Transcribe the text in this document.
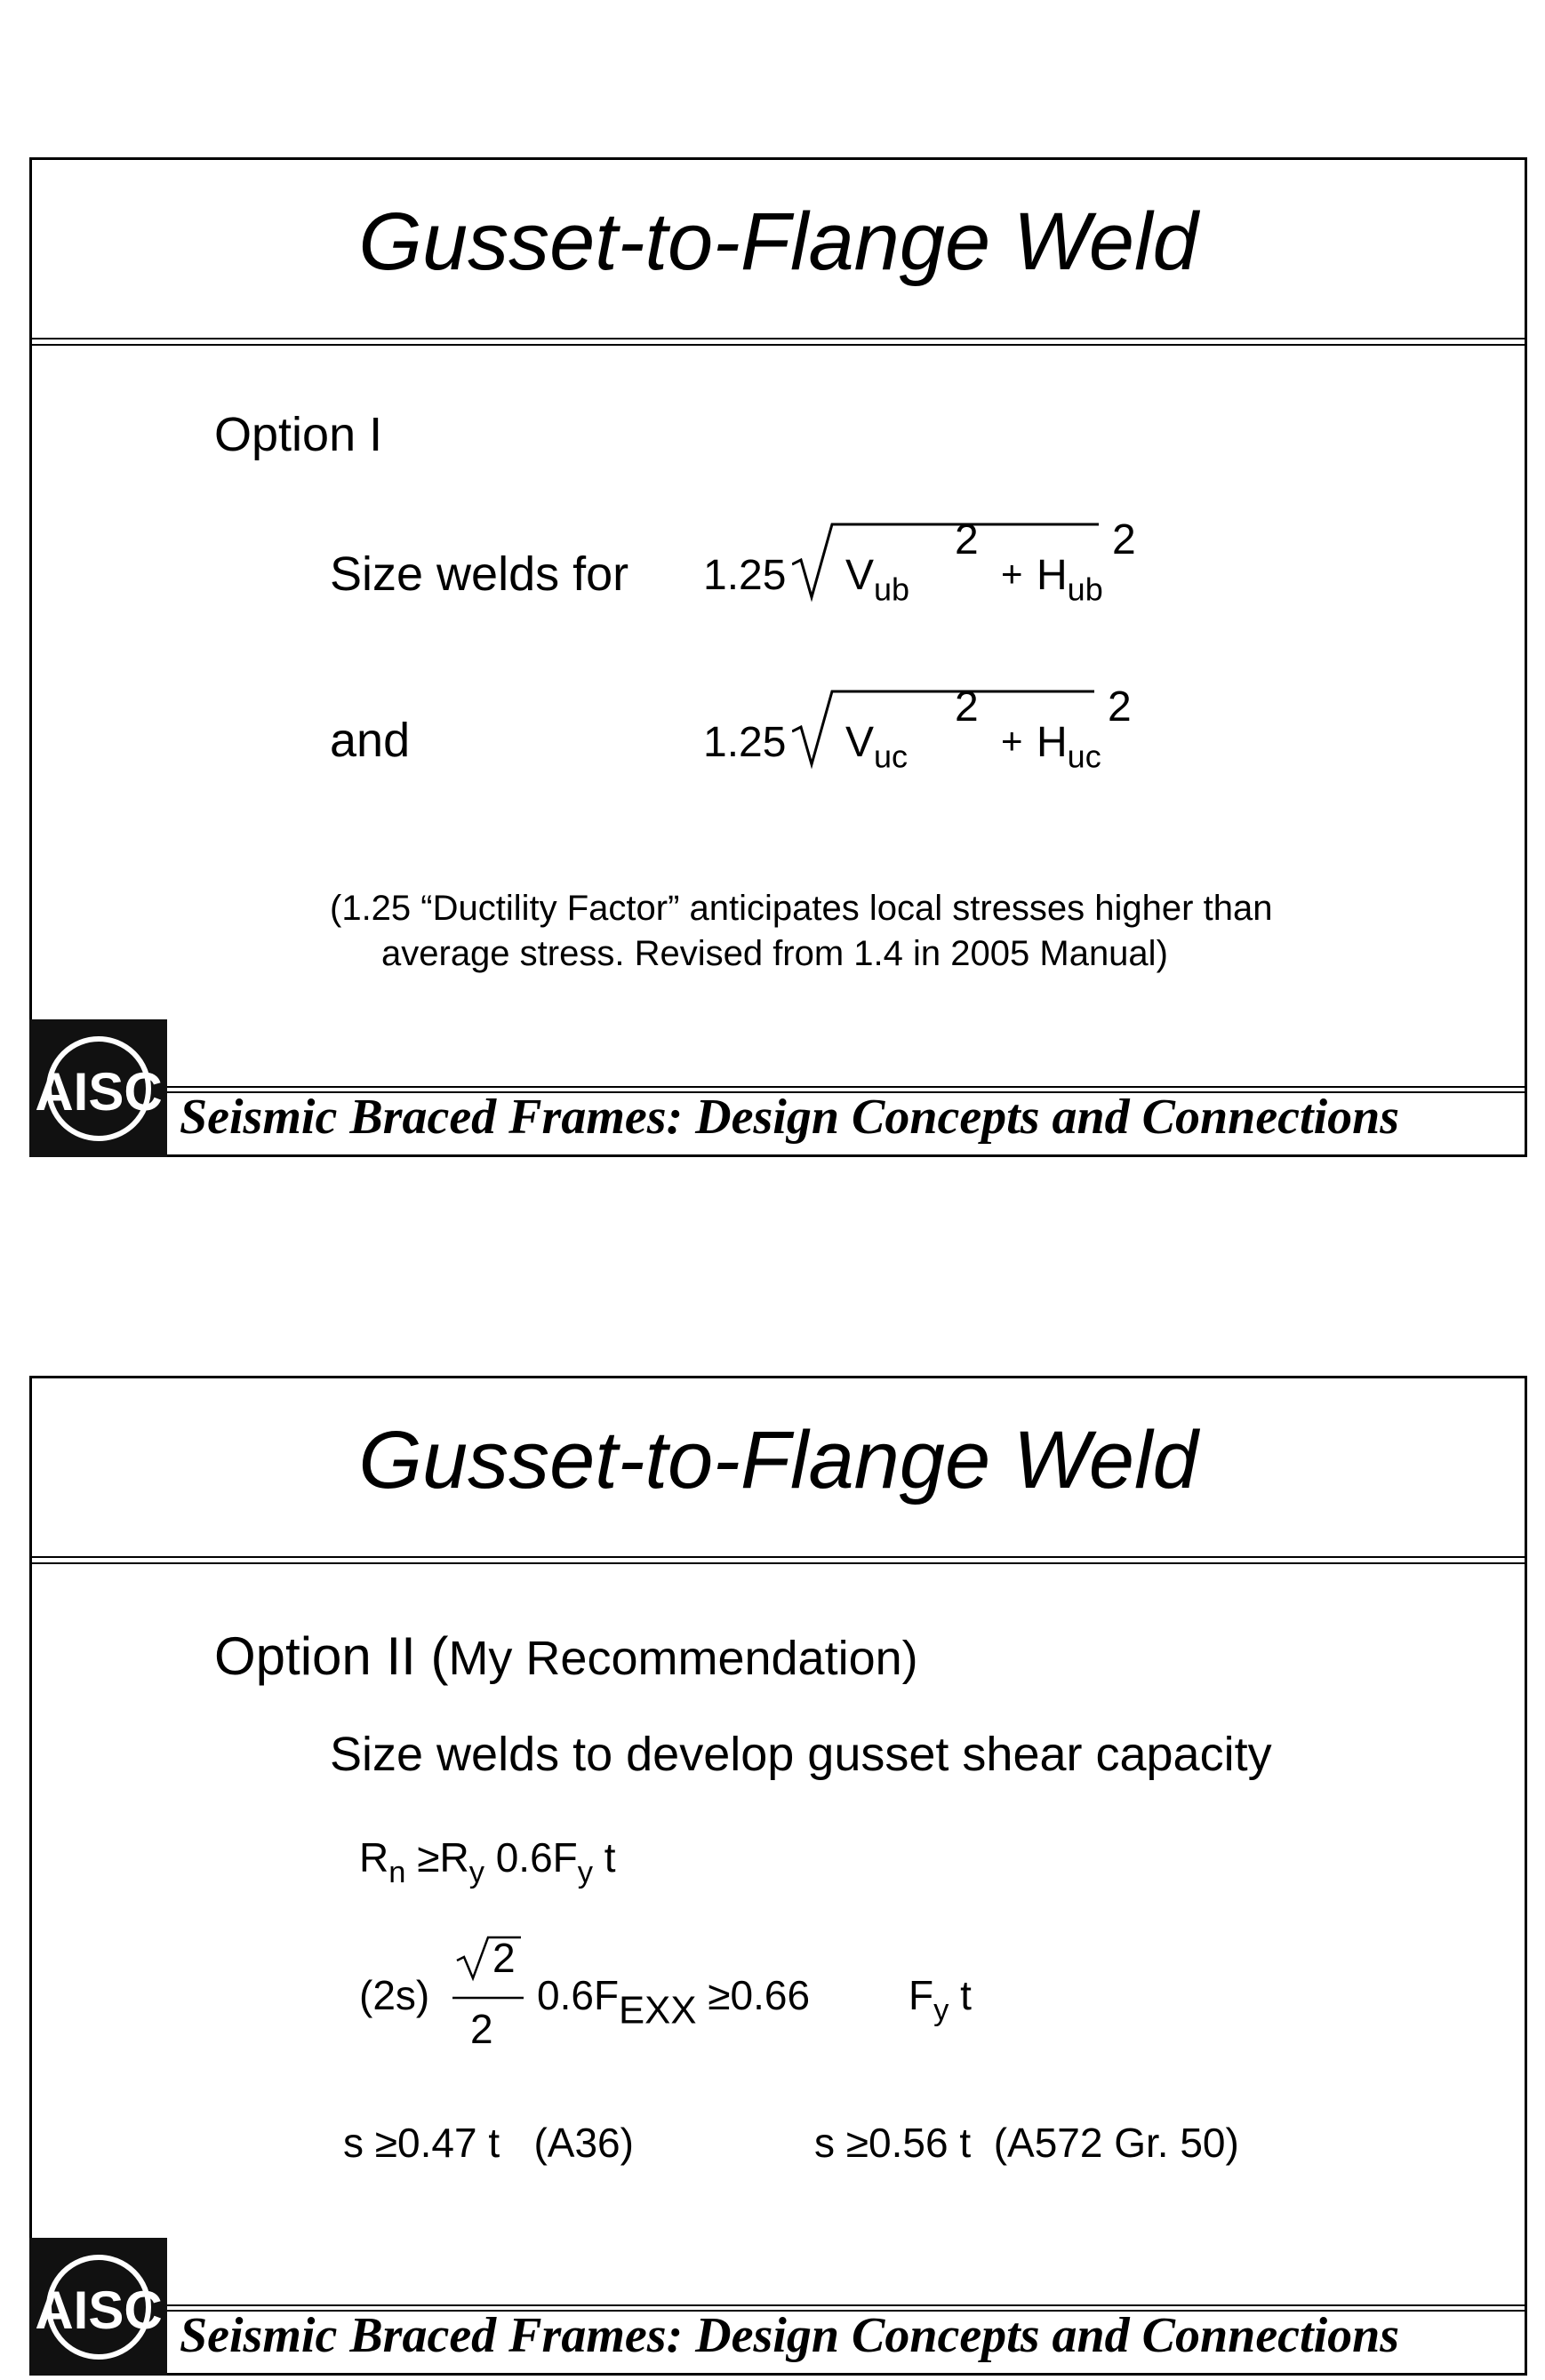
Gusset-to-Flange Weld
Option I
Size welds for 1.25 $V_{ub}$
2
+ $H_{ub}$
2
and	1.25 $V_{uc}$
2
+ $H_{uc}$
2
(1.25 “Ductility Factor” anticipates local stresses higher than
average stress. Revised from 1.4 in 2005 Manual)
AISC Seismic Braced Frames: Design Concepts and Connections
Gusset-to-Flange Weld
Option II (My Recommendation)
Size welds to develop gusset shear capacity
$R_n \ge R_y$ $0.6F_y$ t
(2s)
2
2
0.6FEXX ≥0.66 $F_y$ t
s ≥0.47 t (A36)	s ≥0.56 t (A572 Gr. 50)
AISC Seismic Braced Frames: Design Concepts and Connections
